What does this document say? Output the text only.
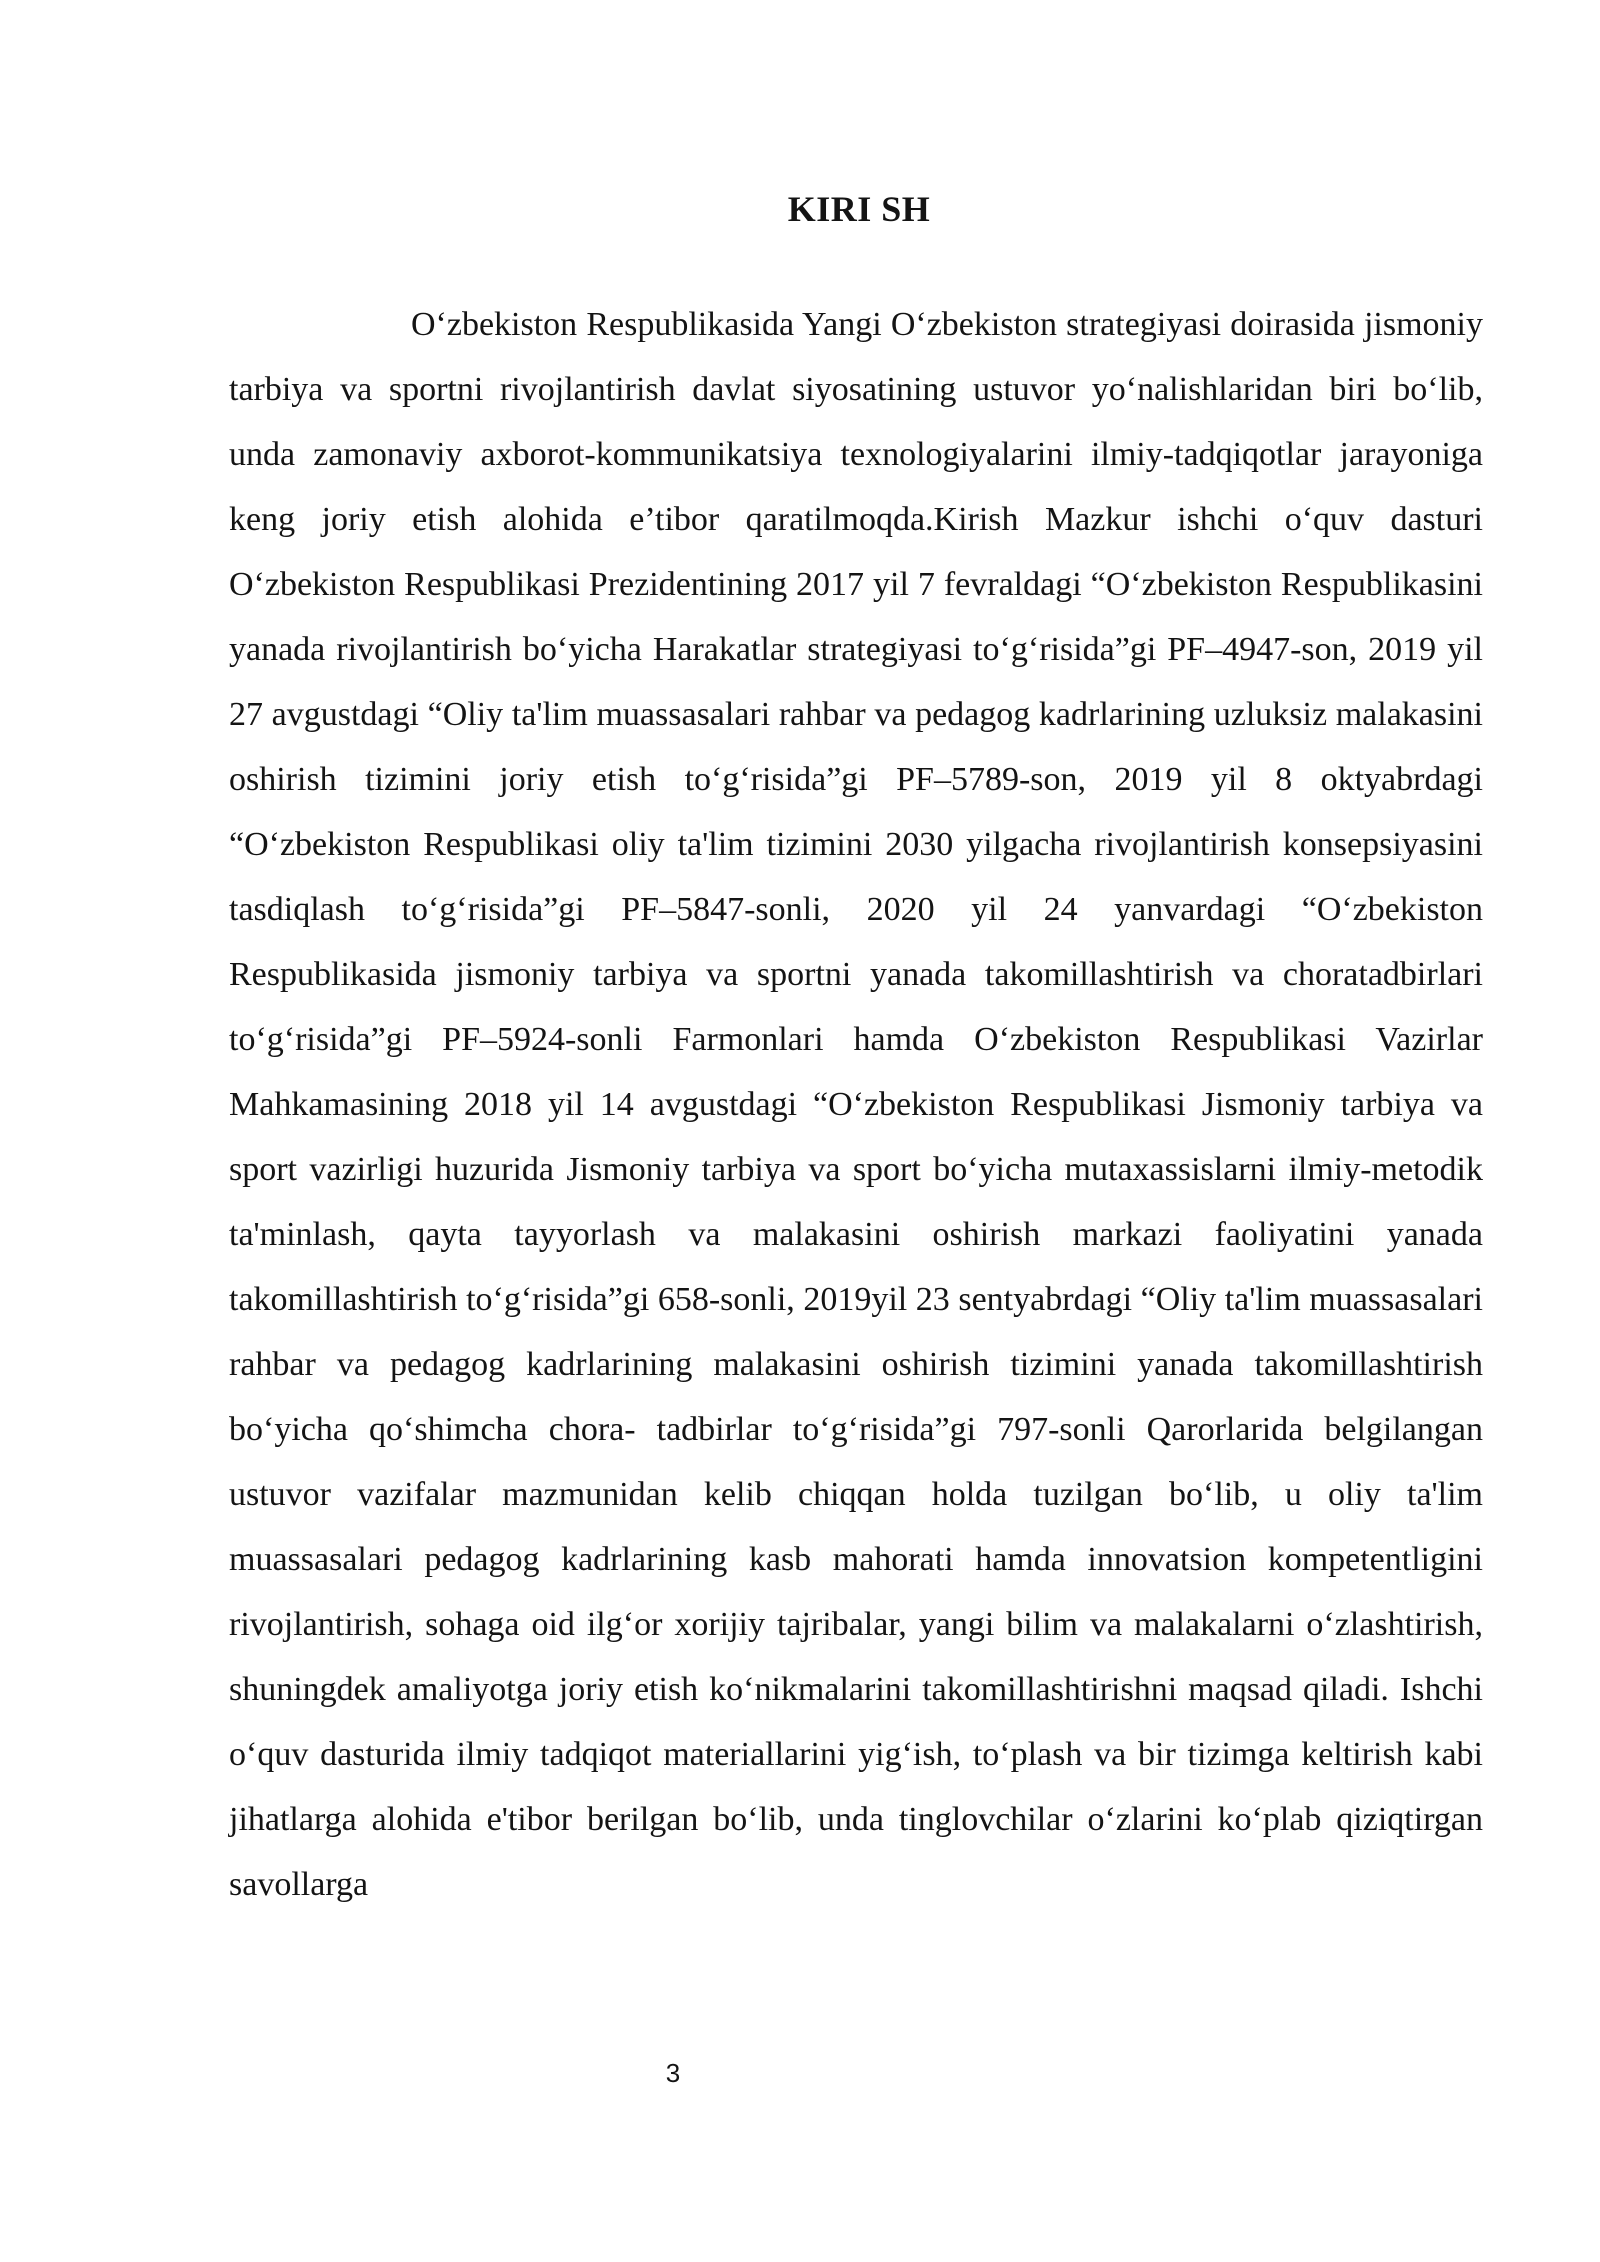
KIRI SH

O‘zbekiston Respublikasida Yangi O‘zbekiston strategiyasi doirasida jismoniy tarbiya va sportni rivojlantirish davlat siyosatining ustuvor yo‘nalishlaridan biri bo‘lib, unda zamonaviy axborot-kommunikatsiya texnologiyalarini ilmiy-tadqiqotlar jarayoniga keng joriy etish alohida e’tibor qaratilmoqda.Kirish Mazkur ishchi o‘quv dasturi O‘zbekiston Respublikasi Prezidentining 2017 yil 7 fevraldagi “O‘zbekiston Respublikasini yanada rivojlantirish bo‘yicha Harakatlar strategiyasi to‘g‘risida”gi PF–4947-son, 2019 yil 27 avgustdagi “Oliy ta'lim muassasalari rahbar va pedagog kadrlarining uzluksiz malakasini oshirish tizimini joriy etish to‘g‘risida”gi PF–5789-son, 2019 yil 8 oktyabrdagi “O‘zbekiston Respublikasi oliy ta'lim tizimini 2030 yilgacha rivojlantirish konsepsiyasini tasdiqlash to‘g‘risida”gi PF–5847-sonli, 2020 yil 24 yanvardagi “O‘zbekiston Respublikasida jismoniy tarbiya va sportni yanada takomillashtirish va choratadbirlari to‘g‘risida”gi PF–5924-sonli Farmonlari hamda O‘zbekiston Respublikasi Vazirlar Mahkamasining 2018 yil 14 avgustdagi “O‘zbekiston Respublikasi Jismoniy tarbiya va sport vazirligi huzurida Jismoniy tarbiya va sport bo‘yicha mutaxassislarni ilmiy-metodik ta'minlash, qayta tayyorlash va malakasini oshirish markazi faoliyatini yanada takomillashtirish to‘g‘risida”gi 658-sonli, 2019yil 23 sentyabrdagi “Oliy ta'lim muassasalari rahbar va pedagog kadrlarining malakasini oshirish tizimini yanada takomillashtirish bo‘yicha qo‘shimcha chora- tadbirlar to‘g‘risida”gi 797-sonli Qarorlarida belgilangan ustuvor vazifalar mazmunidan kelib chiqqan holda tuzilgan bo‘lib, u oliy ta'lim muassasalari pedagog kadrlarining kasb mahorati hamda innovatsion kompetentligini rivojlantirish, sohaga oid ilg‘or xorijiy tajribalar, yangi bilim va malakalarni o‘zlashtirish, shuningdek amaliyotga joriy etish ko‘nikmalarini takomillashtirishni maqsad qiladi. Ishchi o‘quv dasturida ilmiy tadqiqot materiallarini yig‘ish, to‘plash va bir tizimga keltirish kabi jihatlarga alohida e'tibor berilgan bo‘lib, unda tinglovchilar o‘zlarini ko‘plab qiziqtirgan savollarga

3
